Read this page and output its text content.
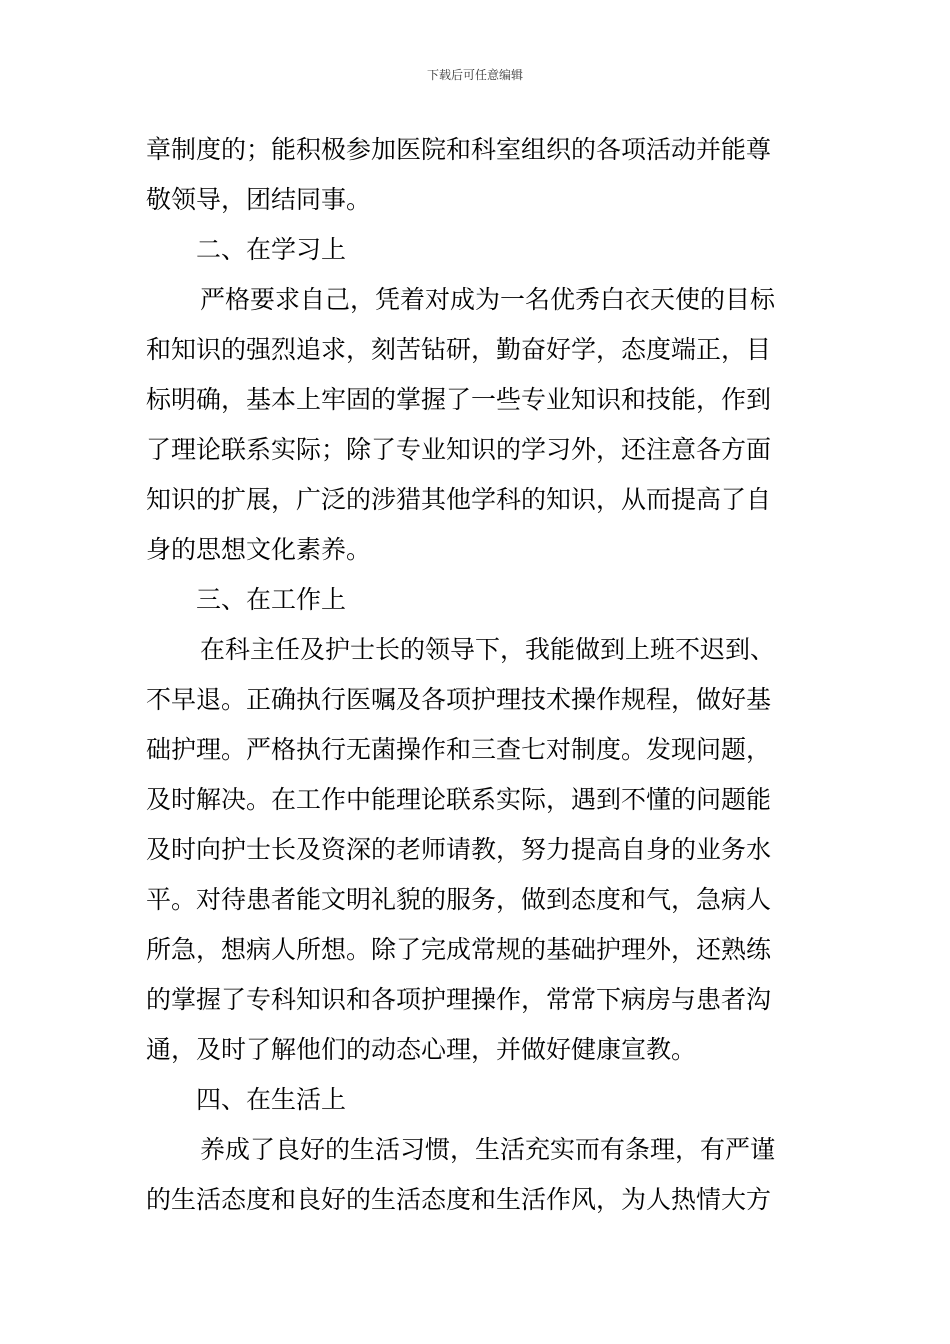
下载后可任意编辑
章制度的；能积极参加医院和科室组织的各项活动并能尊
敬领导，团结同事。
二、在学习上
严格要求自己，凭着对成为一名优秀白衣天使的目标
和知识的强烈追求，刻苦钻研，勤奋好学，态度端正，目
标明确，基本上牢固的掌握了一些专业知识和技能，作到
了理论联系实际；除了专业知识的学习外，还注意各方面
知识的扩展，广泛的涉猎其他学科的知识，从而提高了自
身的思想文化素养。
三、在工作上
在科主任及护士长的领导下，我能做到上班不迟到、
不早退。正确执行医嘱及各项护理技术操作规程，做好基
础护理。严格执行无菌操作和三查七对制度。发现问题，
及时解决。在工作中能理论联系实际，遇到不懂的问题能
及时向护士长及资深的老师请教，努力提高自身的业务水
平。对待患者能文明礼貌的服务，做到态度和气，急病人
所急，想病人所想。除了完成常规的基础护理外，还熟练
的掌握了专科知识和各项护理操作，常常下病房与患者沟
通，及时了解他们的动态心理，并做好健康宣教。
四、在生活上
养成了良好的生活习惯，生活充实而有条理，有严谨
的生活态度和良好的生活态度和生活作风，为人热情大方
